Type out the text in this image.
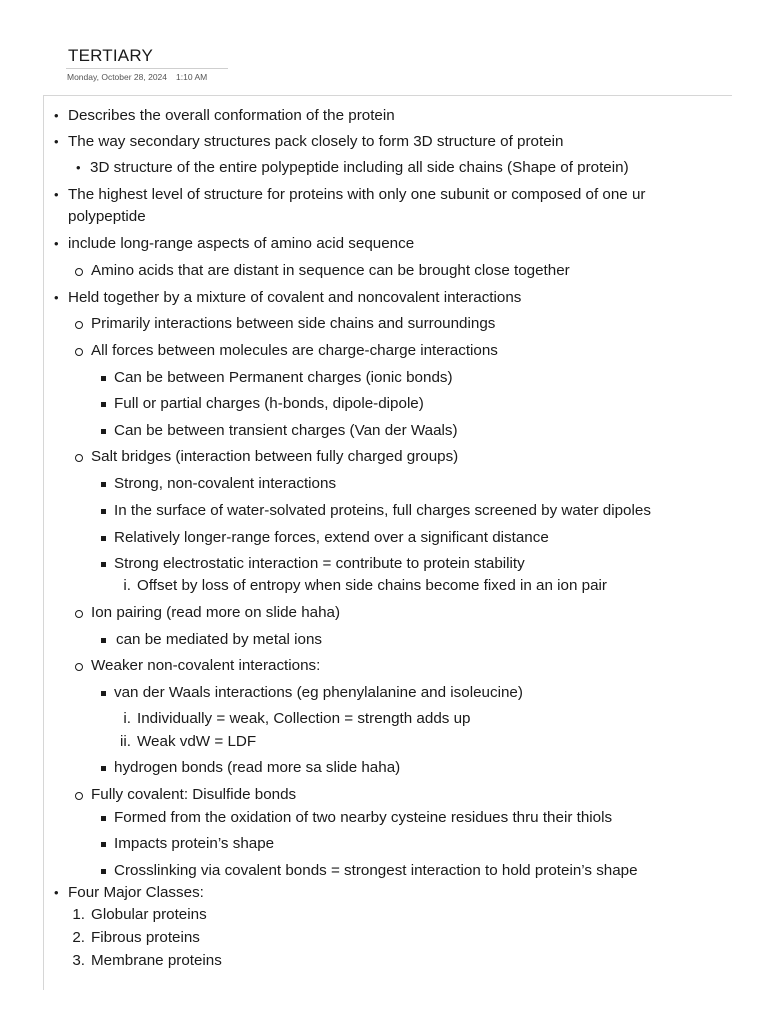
TERTIARY
Monday, October 28, 2024 1:10 AM
• Describes the overall conformation of the protein
• The way secondary structures pack closely to form 3D structure of protein
• 3D structure of the entire polypeptide including all side chains (Shape of protein)
• The highest level of structure for proteins with only one subunit or composed of one ur
polypeptide
• include long-range aspects of amino acid sequence
Amino acids that are distant in sequence can be brought close together
• Held together by a mixture of covalent and noncovalent interactions
Primarily interactions between side chains and surroundings
All forces between molecules are charge-charge interactions
Can be between Permanent charges (ionic bonds)
Full or partial charges (h-bonds, dipole-dipole)
Can be between transient charges (Van der Waals)
Salt bridges (interaction between fully charged groups)
Strong, non-covalent interactions
In the surface of water-solvated proteins, full charges screened by water dipoles
Relatively longer-range forces, extend over a significant distance
Strong electrostatic interaction = contribute to protein stability
i. Offset by loss of entropy when side chains become fixed in an ion pair
Ion pairing (read more on slide haha)
can be mediated by metal ions
Weaker non-covalent interactions:
van der Waals interactions (eg phenylalanine and isoleucine)
i. Individually = weak, Collection = strength adds up
ii. Weak vdW = LDF
hydrogen bonds (read more sa slide haha)
Fully covalent: Disulfide bonds
Formed from the oxidation of two nearby cysteine residues thru their thiols
Impacts protein’s shape
Crosslinking via covalent bonds = strongest interaction to hold protein’s shape
• Four Major Classes:
1. Globular proteins
2. Fibrous proteins
3. Membrane proteins
